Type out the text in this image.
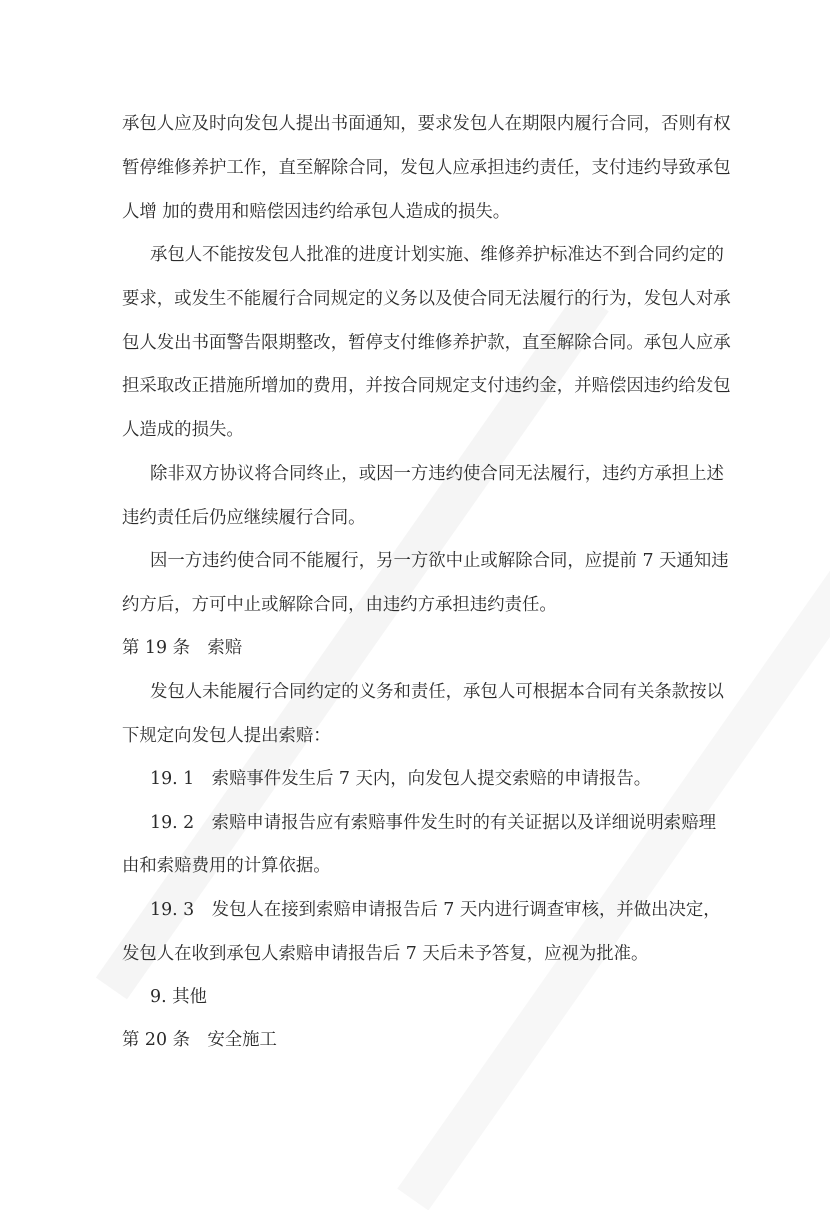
承包人应及时向发包人提出书面通知，要求发包人在期限内履行合同，否则有权
暂停维修养护工作，直至解除合同，发包人应承担违约责任，支付违约导致承包
人增 加的费用和赔偿因违约给承包人造成的损失。
承包人不能按发包人批准的进度计划实施、维修养护标准达不到合同约定的
要求，或发生不能履行合同规定的义务以及使合同无法履行的行为，发包人对承
包人发出书面警告限期整改，暂停支付维修养护款，直至解除合同。承包人应承
担采取改正措施所增加的费用，并按合同规定支付违约金，并赔偿因违约给发包
人造成的损失。
除非双方协议将合同终止，或因一方违约使合同无法履行，违约方承担上述
违约责任后仍应继续履行合同。
因一方违约使合同不能履行，另一方欲中止或解除合同，应提前 7 天通知违
约方后，方可中止或解除合同，由违约方承担违约责任。
第 19 条　索赔
发包人未能履行合同约定的义务和责任，承包人可根据本合同有关条款按以
下规定向发包人提出索赔：
19. 1　索赔事件发生后 7 天内，向发包人提交索赔的申请报告。
19. 2　索赔申请报告应有索赔事件发生时的有关证据以及详细说明索赔理
由和索赔费用的计算依据。
19. 3　发包人在接到索赔申请报告后 7 天内进行调查审核，并做出决定，
发包人在收到承包人索赔申请报告后 7 天后未予答复，应视为批准。
9. 其他
第 20 条　安全施工
